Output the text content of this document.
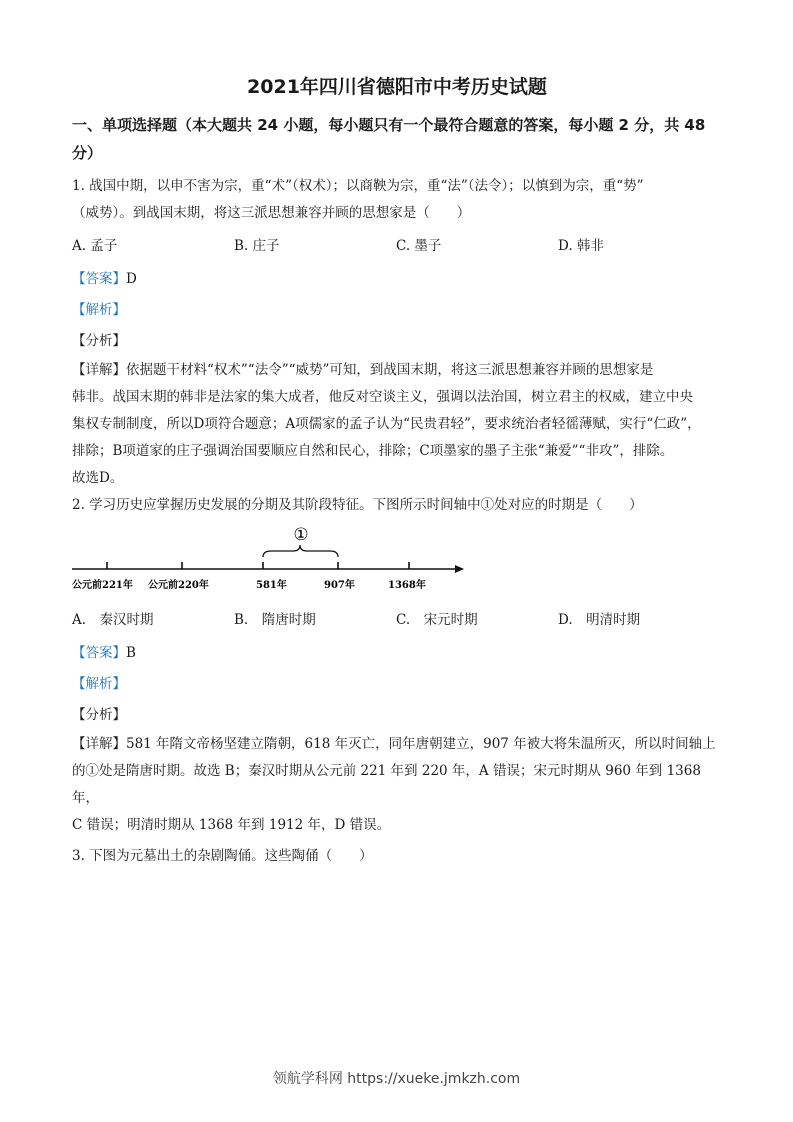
2021年四川省德阳市中考历史试题
一、单项选择题（本大题共 24 小题，每小题只有一个最符合题意的答案，每小题 2 分，共 48 分）

1. 战国中期，以申不害为宗，重“术”（权术）；以商鞅为宗，重“法”（法令）；以慎到为宗，重“势”

（威势）。到战国末期，将这三派思想兼容并顾的思想家是（　　）

A. 孟子	B. 庄子	C. 墨子	D. 韩非

【答案】D

【解析】

【分析】

【详解】依据题干材料“权术”“法令”“威势”可知，到战国末期，将这三派思想兼容并顾的思想家是

韩非。战国末期的韩非是法家的集大成者，他反对空谈主义，强调以法治国，树立君主的权威，建立中央

集权专制制度，所以D项符合题意；A项儒家的孟子认为“民贵君轻”，要求统治者轻徭薄赋，实行“仁政”，

排除；B项道家的庄子强调治国要顺应自然和民心，排除；C项墨家的墨子主张“兼爱”“非攻”，排除。

故选D。

2. 学习历史应掌握历史发展的分期及其阶段特征。下图所示时间轴中①处对应的时期是（　　）

①
公元前221年 公元前220年	581年	907年	1368年
A.　秦汉时期	B.　隋唐时期	C.　宋元时期	D.　明清时期

【答案】B

【解析】

【分析】

【详解】581 年隋文帝杨坚建立隋朝，618 年灭亡，同年唐朝建立，907 年被大将朱温所灭，所以时间轴上

的①处是隋唐时期。故选 B；秦汉时期从公元前 221 年到 220 年，A 错误；宋元时期从 960 年到 1368 年，

C 错误；明清时期从 1368 年到 1912 年，D 错误。

3. 下图为元墓出土的杂剧陶俑。这些陶俑（　　）

领航学科网 https://xueke.jmkzh.com
